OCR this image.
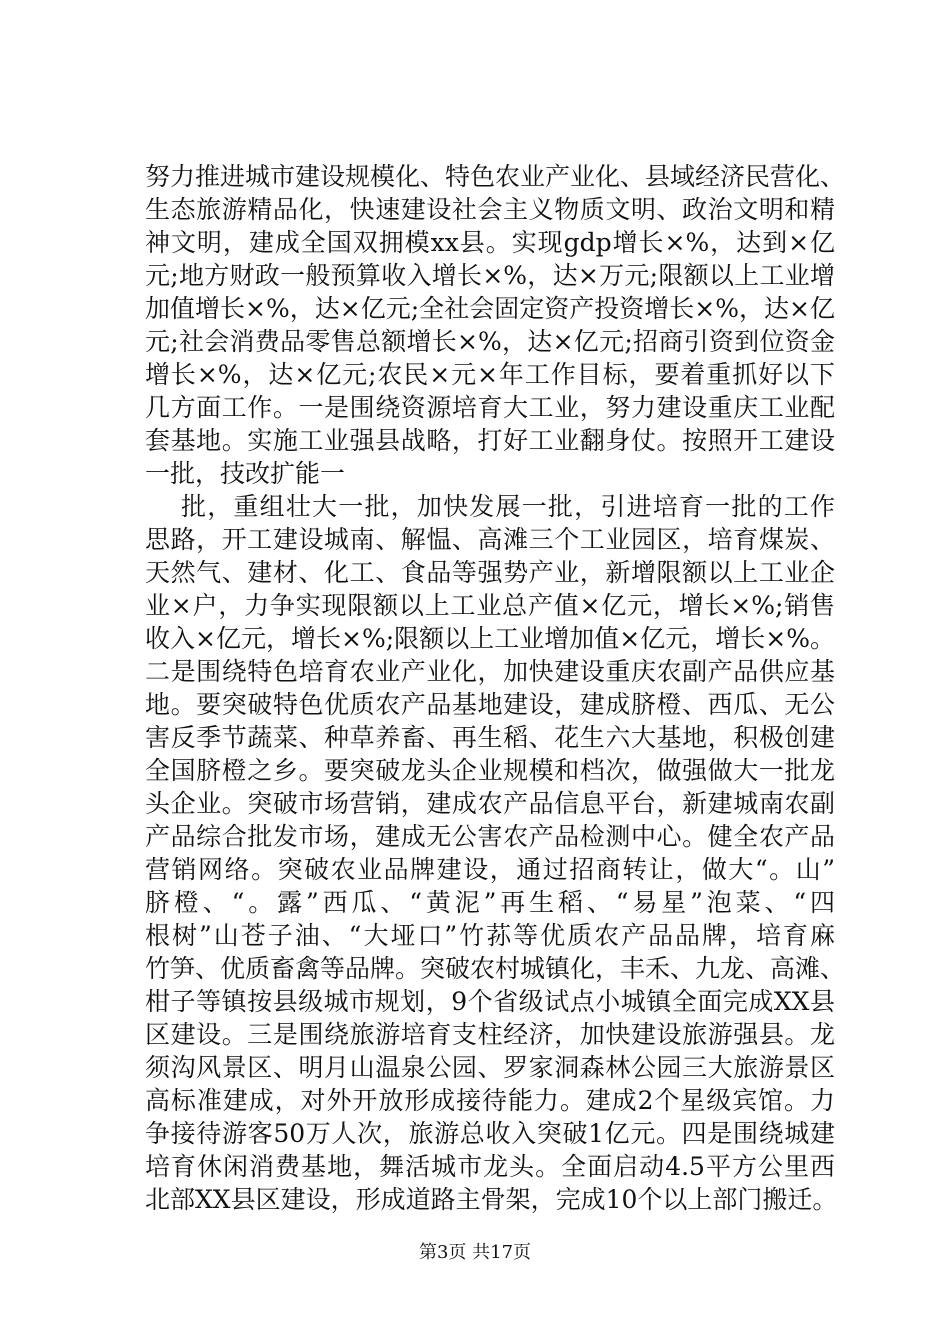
努力推进城市建设规模化、特色农业产业化、县域经济民营化、
生态旅游精品化，快速建设社会主义物质文明、政治文明和精
神文明，建成全国双拥模xx县。实现gdp增长×%，达到×亿
元;地方财政一般预算收入增长×%，达×万元;限额以上工业增
加值增长×%，达×亿元;全社会固定资产投资增长×%，达×亿
元;社会消费品零售总额增长×%，达×亿元;招商引资到位资金
增长×%，达×亿元;农民×元×年工作目标，要着重抓好以下
几方面工作。一是围绕资源培育大工业，努力建设重庆工业配
套基地。实施工业强县战略，打好工业翻身仗。按照开工建设
一批，技改扩能一
批，重组壮大一批，加快发展一批，引进培育一批的工作
思路，开工建设城南、解愠、高滩三个工业园区，培育煤炭、
天然气、建材、化工、食品等强势产业，新增限额以上工业企
业×户，力争实现限额以上工业总产值×亿元，增长×%;销售
收入×亿元，增长×%;限额以上工业增加值×亿元，增长×%。
二是围绕特色培育农业产业化，加快建设重庆农副产品供应基
地。要突破特色优质农产品基地建设，建成脐橙、西瓜、无公
害反季节蔬菜、种草养畜、再生稻、花生六大基地，积极创建
全国脐橙之乡。要突破龙头企业规模和档次，做强做大一批龙
头企业。突破市场营销，建成农产品信息平台，新建城南农副
产品综合批发市场，建成无公害农产品检测中心。健全农产品
营销网络。突破农业品牌建设，通过招商转让，做大“。山”
脐橙、“。露”西瓜、“黄泥”再生稻、“易星”泡菜、“四
根树”山苍子油、“大垭口”竹荪等优质农产品品牌，培育麻
竹笋、优质畜禽等品牌。突破农村城镇化，丰禾、九龙、高滩、
柑子等镇按县级城市规划，9个省级试点小城镇全面完成XX县
区建设。三是围绕旅游培育支柱经济，加快建设旅游强县。龙
须沟风景区、明月山温泉公园、罗家洞森林公园三大旅游景区
高标准建成，对外开放形成接待能力。建成2个星级宾馆。力
争接待游客50万人次，旅游总收入突破1亿元。四是围绕城建
培育休闲消费基地，舞活城市龙头。全面启动4.5平方公里西
北部XX县区建设，形成道路主骨架，完成10个以上部门搬迁。
第3页 共17页
